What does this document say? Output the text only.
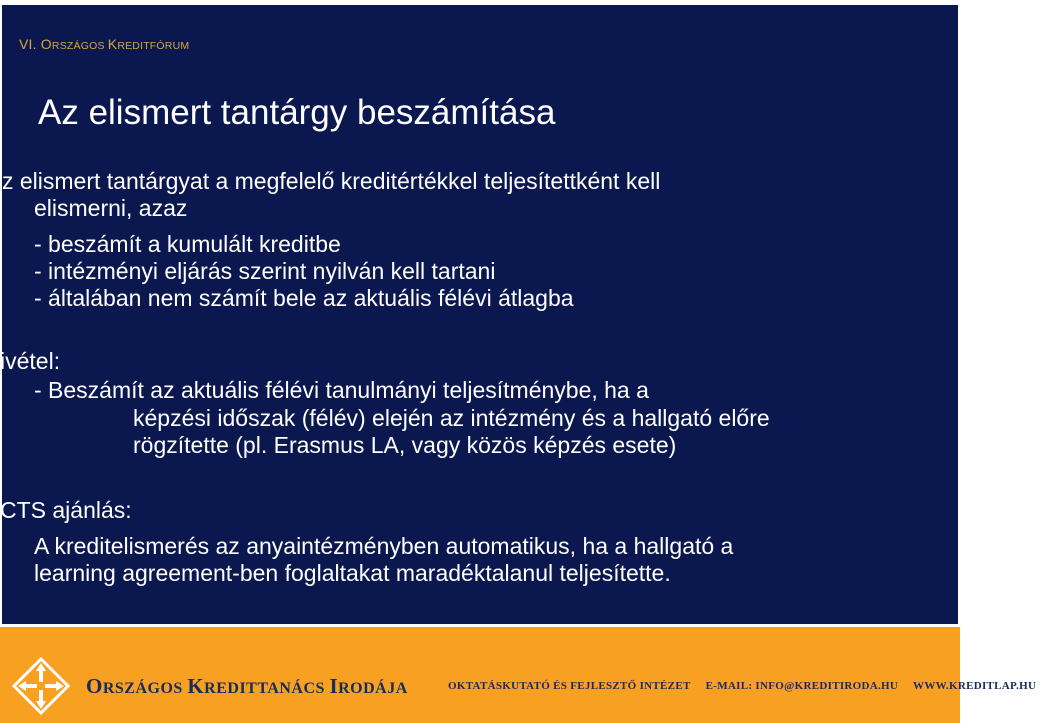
VI. ORSZÁGOS KREDITFÓRUM
Az elismert tantárgy beszámítása
z elismert tantárgyat a megfelelő kreditértékkel teljesítettként kell
elismerni, azaz
- beszámít a kumulált kreditbe
- intézményi eljárás szerint nyilván kell tartani
- általában nem számít bele az aktuális félévi átlagba
ivétel:
- Beszámít az aktuális félévi tanulmányi teljesítménybe, ha a
képzési időszak (félév) elején az intézmény és a hallgató előre
rögzítette (pl. Erasmus LA, vagy közös képzés esete)
CTS ajánlás:
A kreditelismerés az anyaintézményben automatikus, ha a hallgató a
learning agreement-ben foglaltakat maradéktalanul teljesítette.
ORSZÁGOS KREDITTANÁCS IRODÁJA	OKTATÁSKUTATÓ ÉS FEJLESZTŐ INTÉZET E-MAIL: INFO@KREDITIRODA.HU WWW.KREDITLAP.HU
